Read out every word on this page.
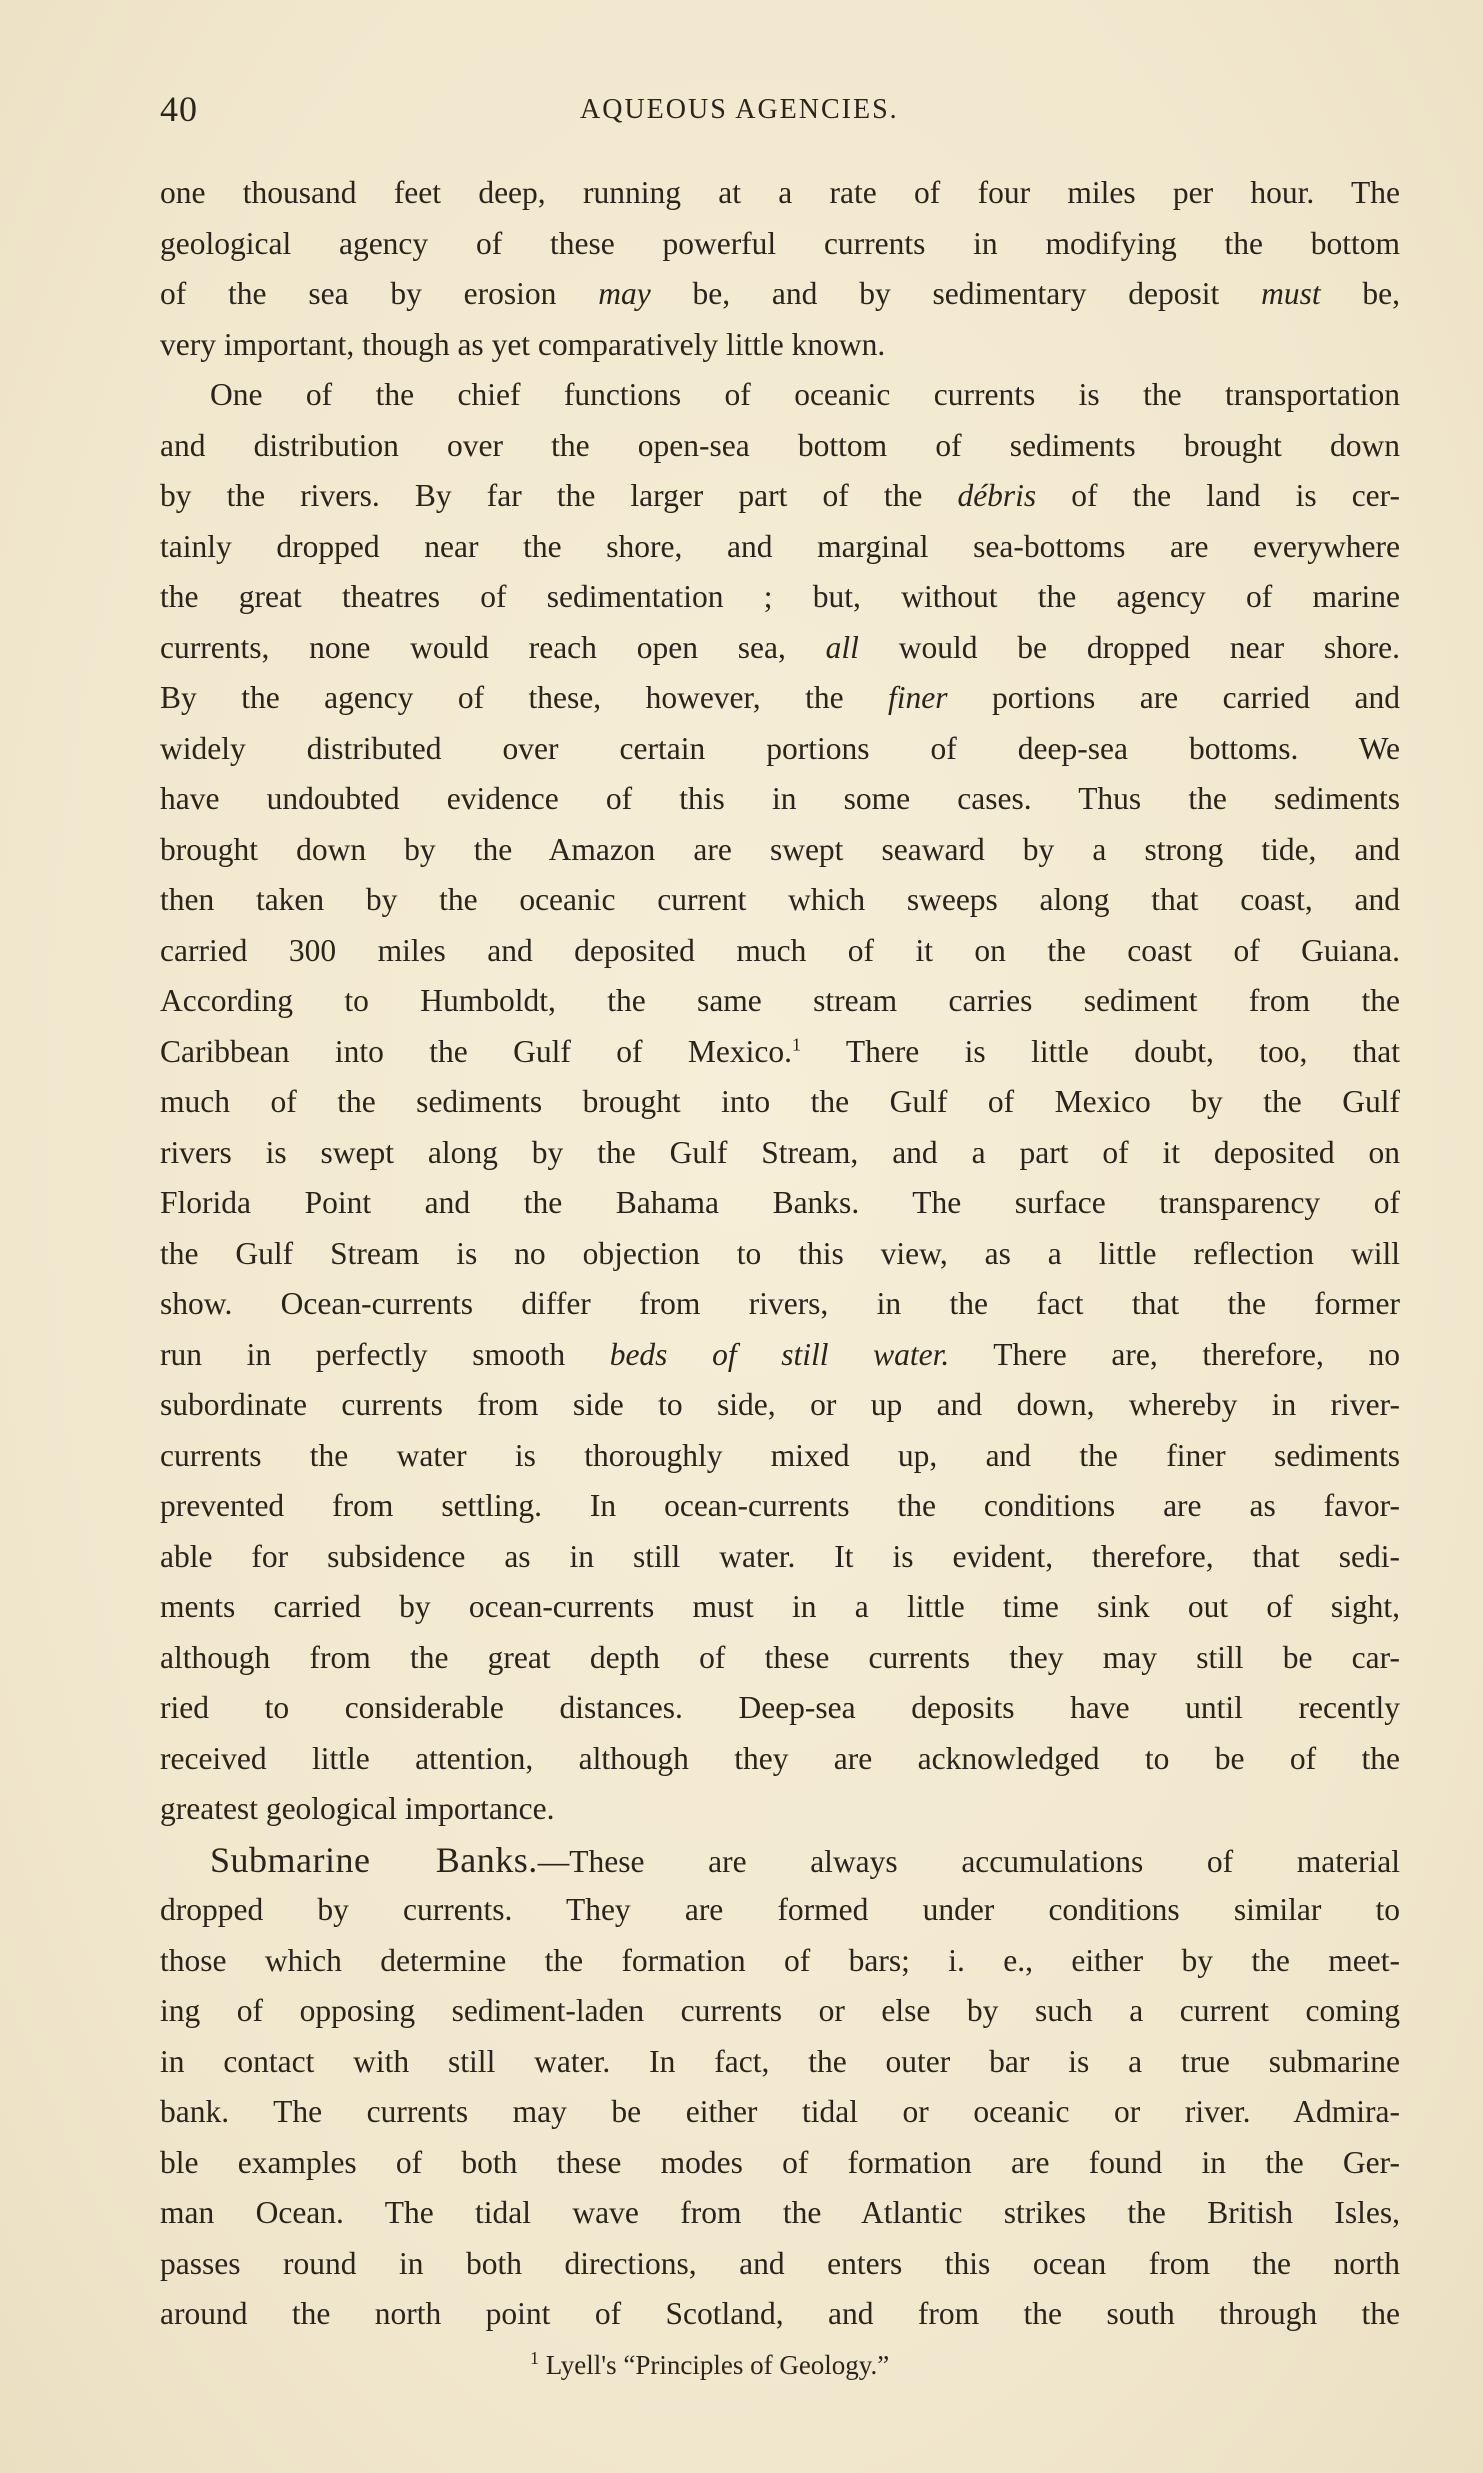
40	AQUEOUS AGENCIES.
one thousand feet deep, running at a rate of four miles per hour. The
geological agency of these powerful currents in modifying the bottom
of the sea by erosion may be, and by sedimentary deposit must be,
very important, though as yet comparatively little known.
One of the chief functions of oceanic currents is the transportation
and distribution over the open-sea bottom of sediments brought down
by the rivers. By far the larger part of the débris of the land is cer-
tainly dropped near the shore, and marginal sea-bottoms are everywhere
the great theatres of sedimentation ; but, without the agency of marine
currents, none would reach open sea, all would be dropped near shore.
By the agency of these, however, the finer portions are carried and
widely distributed over certain portions of deep-sea bottoms. We
have undoubted evidence of this in some cases. Thus the sediments
brought down by the Amazon are swept seaward by a strong tide, and
then taken by the oceanic current which sweeps along that coast, and
carried 300 miles and deposited much of it on the coast of Guiana.
According to Humboldt, the same stream carries sediment from the
Caribbean into the Gulf of Mexico.$^1$ There is little doubt, too, that
much of the sediments brought into the Gulf of Mexico by the Gulf
rivers is swept along by the Gulf Stream, and a part of it deposited on
Florida Point and the Bahama Banks. The surface transparency of
the Gulf Stream is no objection to this view, as a little reflection will
show. Ocean-currents differ from rivers, in the fact that the former
run in perfectly smooth beds of still water. There are, therefore, no
subordinate currents from side to side, or up and down, whereby in river-
currents the water is thoroughly mixed up, and the finer sediments
prevented from settling. In ocean-currents the conditions are as favor-
able for subsidence as in still water. It is evident, therefore, that sedi-
ments carried by ocean-currents must in a little time sink out of sight,
although from the great depth of these currents they may still be car-
ried to considerable distances. Deep-sea deposits have until recently
received little attention, although they are acknowledged to be of the
greatest geological importance.
Submarine Banks.—These are always accumulations of material
dropped by currents. They are formed under conditions similar to
those which determine the formation of bars; i. e., either by the meet-
ing of opposing sediment-laden currents or else by such a current coming
in contact with still water. In fact, the outer bar is a true submarine
bank. The currents may be either tidal or oceanic or river. Admira-
ble examples of both these modes of formation are found in the Ger-
man Ocean. The tidal wave from the Atlantic strikes the British Isles,
passes round in both directions, and enters this ocean from the north
around the north point of Scotland, and from the south through the
$^1$ Lyell's “Principles of Geology.”
